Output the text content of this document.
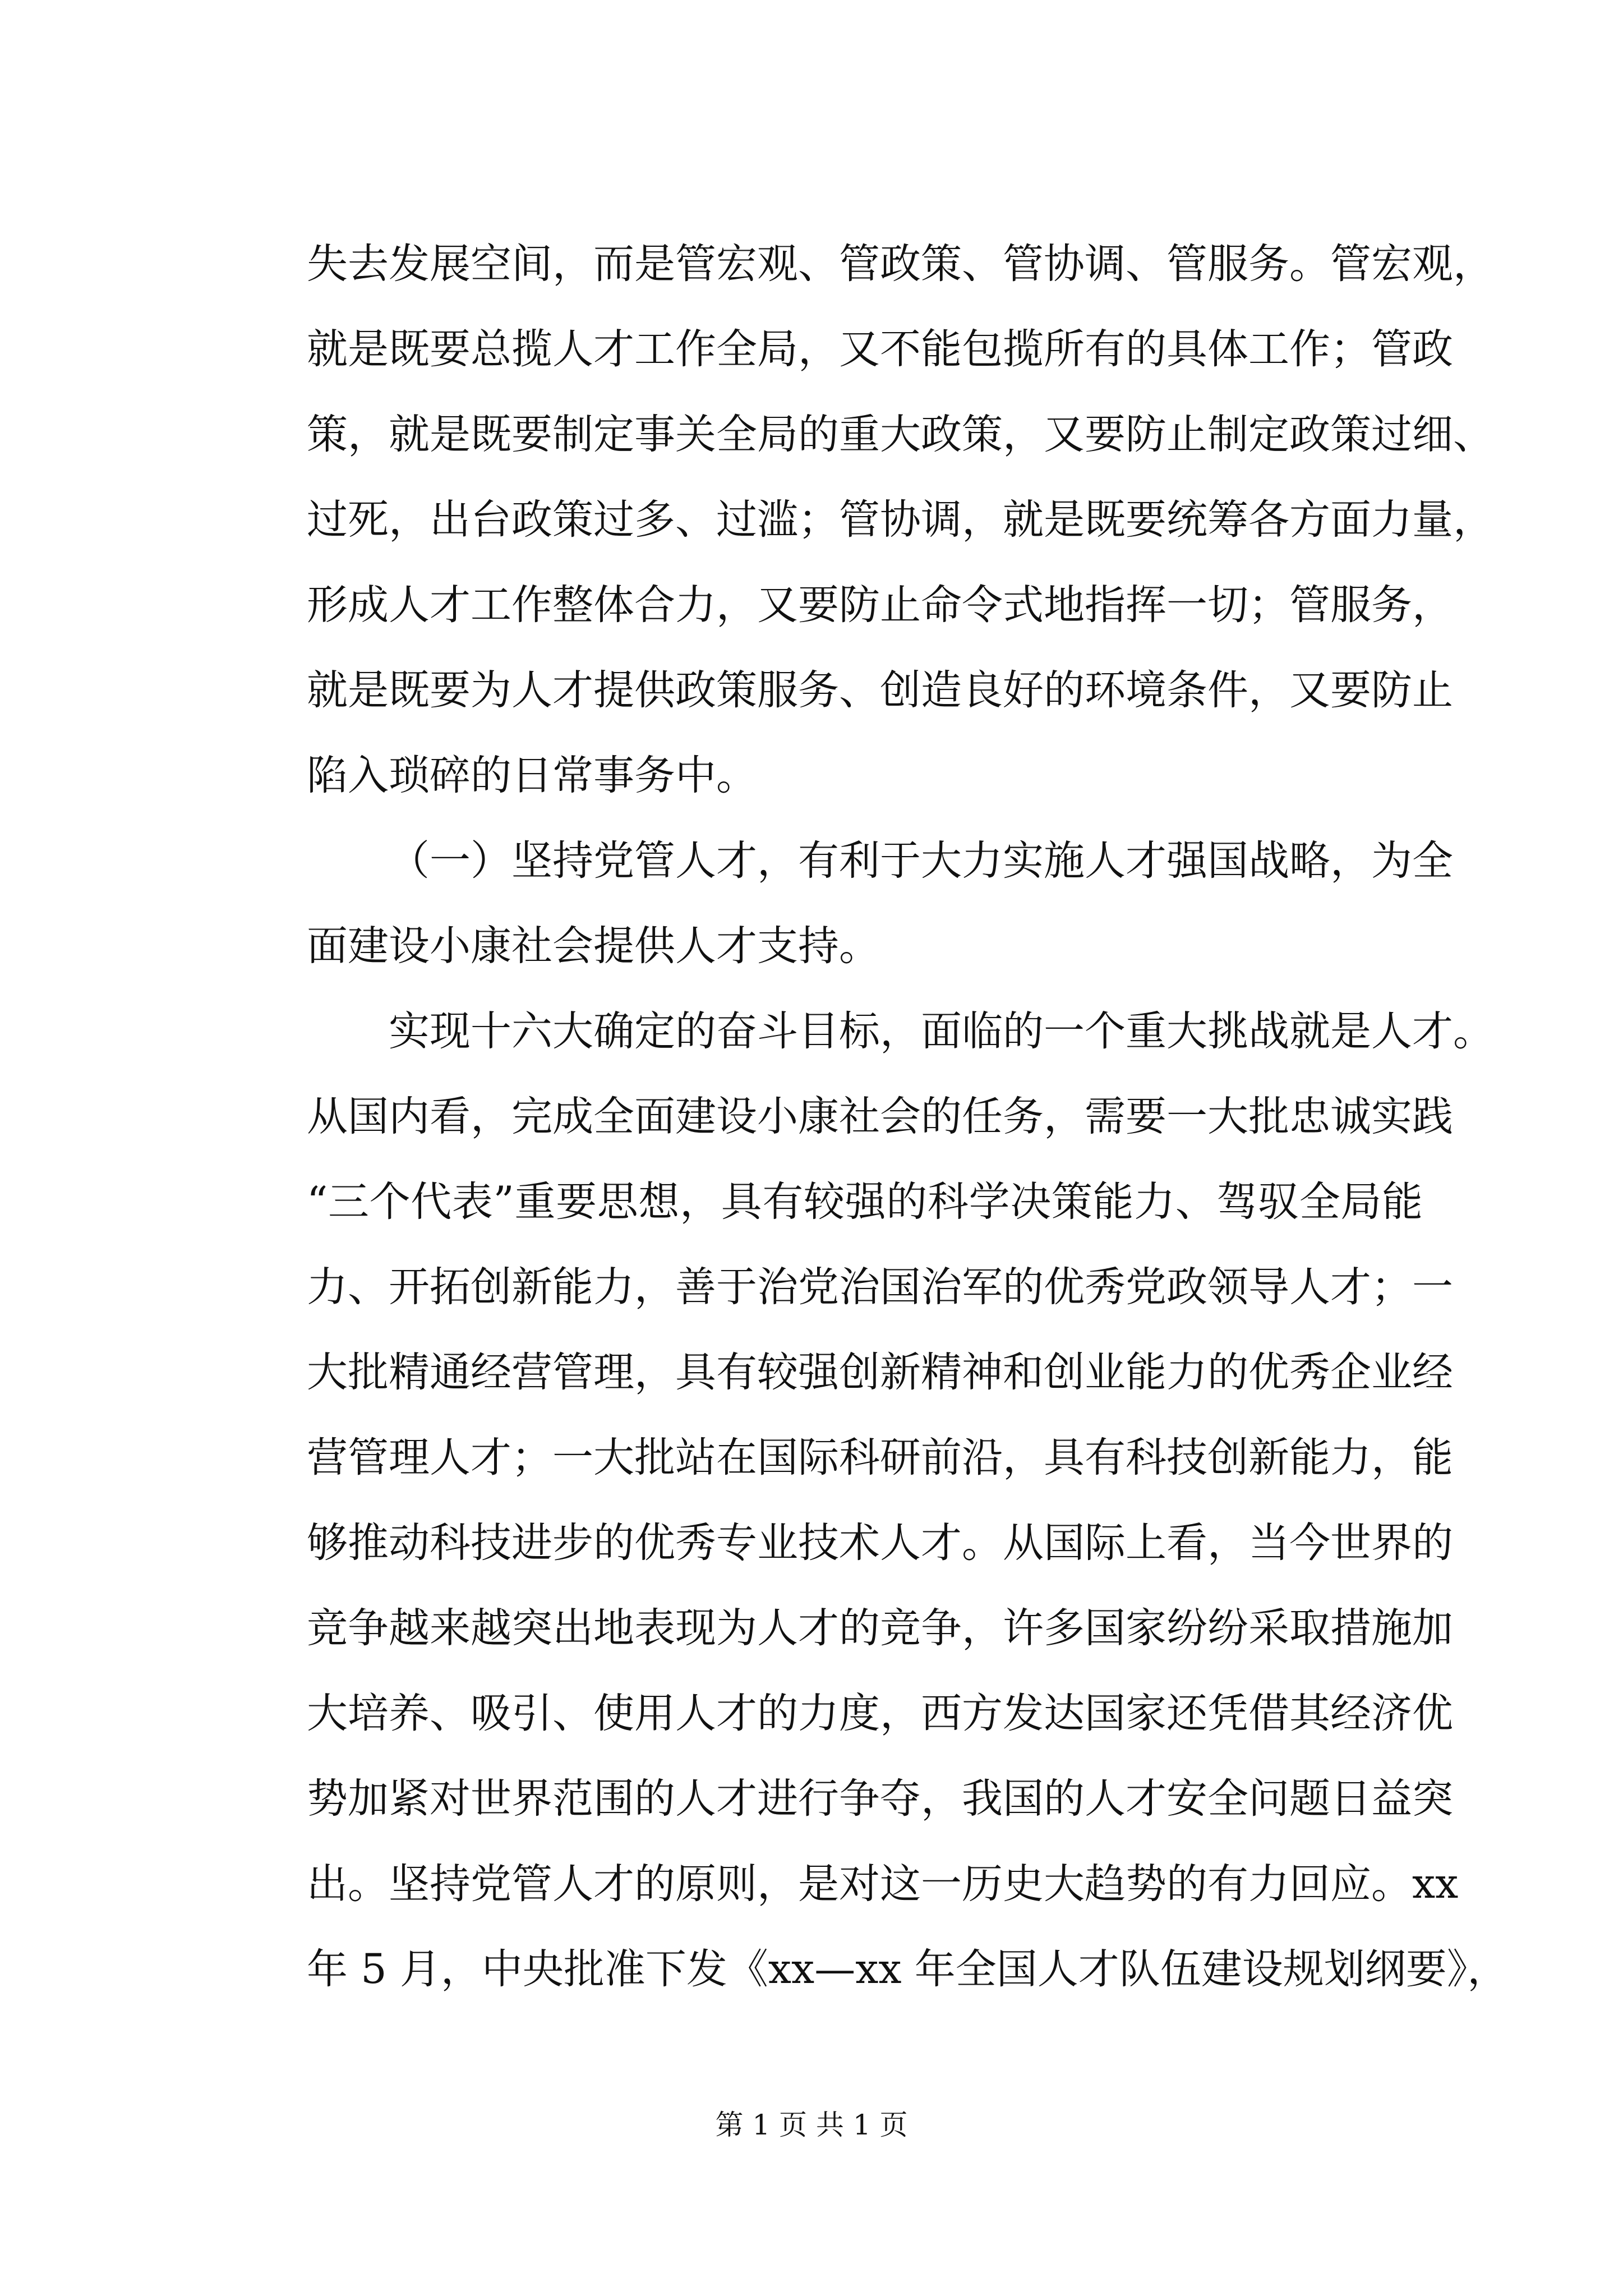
失去发展空间，而是管宏观、管政策、管协调、管服务。管宏观，
就是既要总揽人才工作全局，又不能包揽所有的具体工作；管政
策，就是既要制定事关全局的重大政策，又要防止制定政策过细、
过死，出台政策过多、过滥；管协调，就是既要统筹各方面力量，
形成人才工作整体合力，又要防止命令式地指挥一切；管服务，
就是既要为人才提供政策服务、创造良好的环境条件，又要防止
陷入琐碎的日常事务中。
（一）坚持党管人才，有利于大力实施人才强国战略，为全
面建设小康社会提供人才支持。
实现十六大确定的奋斗目标，面临的一个重大挑战就是人才。
从国内看，完成全面建设小康社会的任务，需要一大批忠诚实践
“三个代表”重要思想，具有较强的科学决策能力、驾驭全局能
力、开拓创新能力，善于治党治国治军的优秀党政领导人才；一
大批精通经营管理，具有较强创新精神和创业能力的优秀企业经
营管理人才；一大批站在国际科研前沿，具有科技创新能力，能
够推动科技进步的优秀专业技术人才。从国际上看，当今世界的
竞争越来越突出地表现为人才的竞争，许多国家纷纷采取措施加
大培养、吸引、使用人才的力度，西方发达国家还凭借其经济优
势加紧对世界范围的人才进行争夺，我国的人才安全问题日益突
出。坚持党管人才的原则，是对这一历史大趋势的有力回应。xx
年 5 月，中央批准下发《xx—xx 年全国人才队伍建设规划纲要》，
第 1 页 共 1 页
